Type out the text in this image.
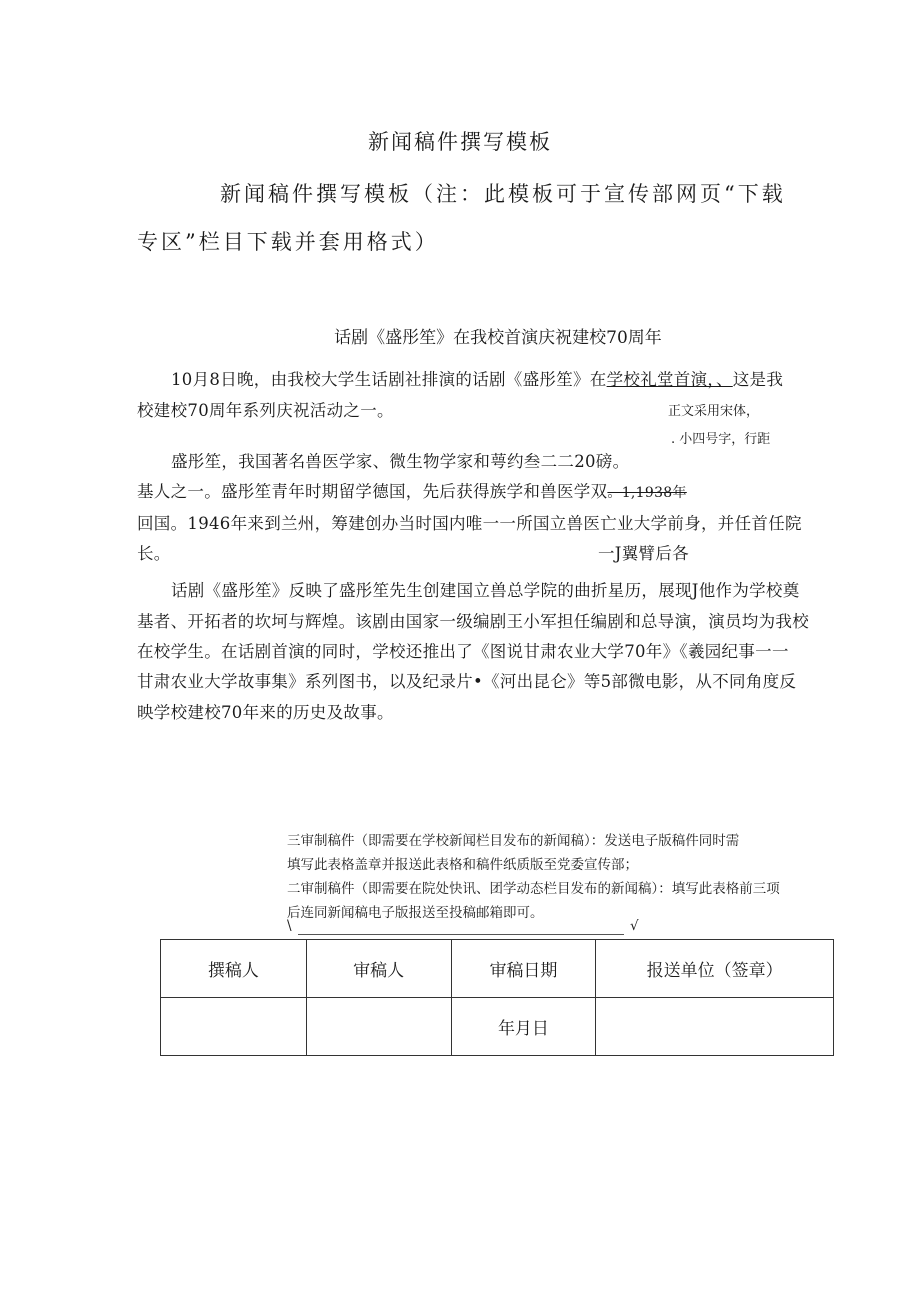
新闻稿件撰写模板
新闻稿件撰写模板（注：此模板可于宣传部网页“下载
专区”栏目下载并套用格式）
话剧《盛彤笙》在我校首演庆祝建校70周年
10月8日晚，由我校大学生话剧社排演的话剧《盛彤笙》在学校礼堂首演，、这是我
校建校70周年系列庆祝活动之一。	正文采用宋体，
. 小四号字，行距
盛彤笙，我国著名兽医学家、微生物学家和萼约叁二二20磅。
基人之一。盛彤笙青年时期留学德国，先后获得族学和兽医学双。1,1938年
回国。1946年来到兰州，筹建创办当时国内唯一一所国立兽医亡业大学前身，并任首任院
长。	一J翼臂后各
话剧《盛彤笙》反映了盛彤笙先生创建国立兽总学院的曲折星历，展现J他作为学校奠
基者、开拓者的坎坷与辉煌。该剧由国家一级编剧王小军担任编剧和总导演，演员均为我校
在校学生。在话剧首演的同时，学校还推出了《图说甘肃农业大学70年》《羲园纪事一一
甘肃农业大学故事集》系列图书，以及纪录片•《河出昆仑》等5部微电影，从不同角度反
映学校建校70年来的历史及故事。
三审制稿件（即需要在学校新闻栏目发布的新闻稿）：发送电子版稿件同时需
填写此表格盖章并报送此表格和稿件纸质版至党委宣传部；
二审制稿件（即需要在院处快讯、团学动态栏目发布的新闻稿）：填写此表格前三项
后连同新闻稿电子版报送至投稿邮箱即可。
\	√
撰稿人	审稿人	审稿日期	报送单位（签章）
		年月日	
